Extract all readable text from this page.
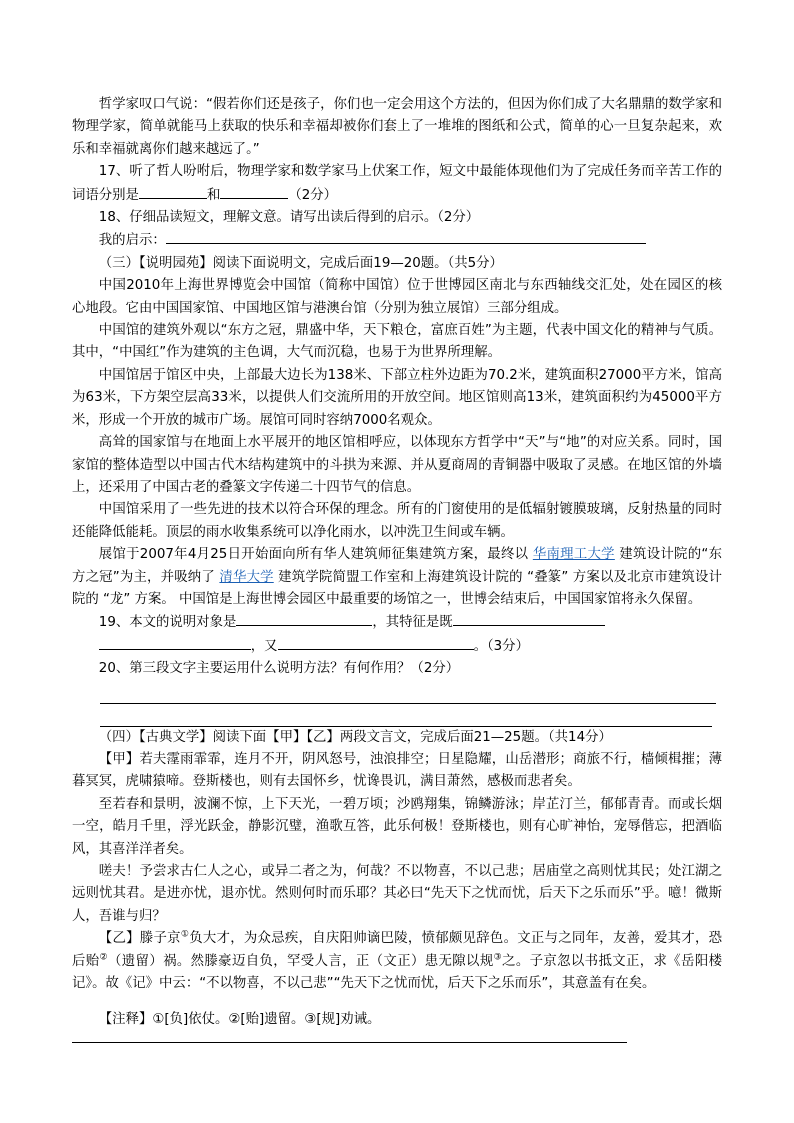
哲学家叹口气说：“假若你们还是孩子，你们也一定会用这个方法的，但因为你们成了大名鼎鼎的数学家和物理学家，简单就能马上获取的快乐和幸福却被你们套上了一堆堆的图纸和公式，简单的心一旦复杂起来，欢乐和幸福就离你们越来越远了。”

17、听了哲人吩咐后，物理学家和数学家马上伏案工作，短文中最能体现他们为了完成任务而辛苦工作的词语分别是	和	（2分）

18、仔细品读短文，理解文意。请写出读后得到的启示。（2分）

我的启示：

（三）【说明园苑】阅读下面说明文，完成后面19—20题。（共5分）

中国2010年上海世界博览会中国馆（简称中国馆）位于世博园区南北与东西轴线交汇处，处在园区的核心地段。它由中国国家馆、中国地区馆与港澳台馆（分别为独立展馆）三部分组成。

中国馆的建筑外观以“东方之冠，鼎盛中华，天下粮仓，富庶百姓”为主题，代表中国文化的精神与气质。其中，“中国红”作为建筑的主色调，大气而沉稳，也易于为世界所理解。

中国馆居于馆区中央，上部最大边长为138米、下部立柱外边距为70.2米，建筑面积27000平方米，馆高为63米，下方架空层高33米，以提供人们交流所用的开放空间。地区馆则高13米，建筑面积约为45000平方米，形成一个开放的城市广场。展馆可同时容纳7000名观众。

高耸的国家馆与在地面上水平展开的地区馆相呼应，以体现东方哲学中“天”与“地”的对应关系。同时，国家馆的整体造型以中国古代木结构建筑中的斗拱为来源、并从夏商周的青铜器中吸取了灵感。在地区馆的外墙上，还采用了中国古老的叠篆文字传递二十四节气的信息。

中国馆采用了一些先进的技术以符合环保的理念。所有的门窗使用的是低辐射镀膜玻璃，反射热量的同时还能降低能耗。顶层的雨水收集系统可以净化雨水，以冲洗卫生间或车辆。

展馆于2007年4月25日开始面向所有华人建筑师征集建筑方案，最终以 华南理工大学 建筑设计院的“东方之冠”为主，并吸纳了 清华大学 建筑学院简盟工作室和上海建筑设计院的 “叠篆” 方案以及北京市建筑设计院的 “龙” 方案。 中国馆是上海世博会园区中最重要的场馆之一，世博会结束后，中国国家馆将永久保留。

19、本文的说明对象是	，其特征是既

，又	。（3分）

20、第三段文字主要运用什么说明方法？有何作用？（2分）

（四）【古典文学】阅读下面【甲】【乙】两段文言文，完成后面21—25题。（共14分）

【甲】若夫霪雨霏霏，连月不开，阴风怒号，浊浪排空；日星隐耀，山岳潜形；商旅不行，樯倾楫摧；薄暮冥冥，虎啸猿啼。登斯楼也，则有去国怀乡，忧谗畏讥，满目萧然，感极而悲者矣。

至若春和景明，波澜不惊，上下天光，一碧万顷；沙鸥翔集，锦鳞游泳；岸芷汀兰，郁郁青青。而或长烟一空，皓月千里，浮光跃金，静影沉璧，渔歌互答，此乐何极！登斯楼也，则有心旷神怡，宠辱偕忘，把酒临风，其喜洋洋者矣。

嗟夫！予尝求古仁人之心，或异二者之为，何哉？不以物喜，不以己悲；居庙堂之高则忧其民；处江湖之远则忧其君。是进亦忧，退亦忧。然则何时而乐耶？其必曰“先天下之忧而忧，后天下之乐而乐”乎。噫！微斯人，吾谁与归？

【乙】滕子京①负大才，为众忌疾，自庆阳帅谪巴陵，愤郁颇见辞色。文正与之同年，友善，爱其才，恐后贻②（遗留）祸。然滕豪迈自负，罕受人言，正（文正）患无隙以规③之。子京忽以书抵文正，求《岳阳楼记》。故《记》中云：“不以物喜，不以己悲”“先天下之忧而忧，后天下之乐而乐”，其意盖有在矣。

【注释】①[负]依仗。②[贻]遗留。③[规]劝诫。
